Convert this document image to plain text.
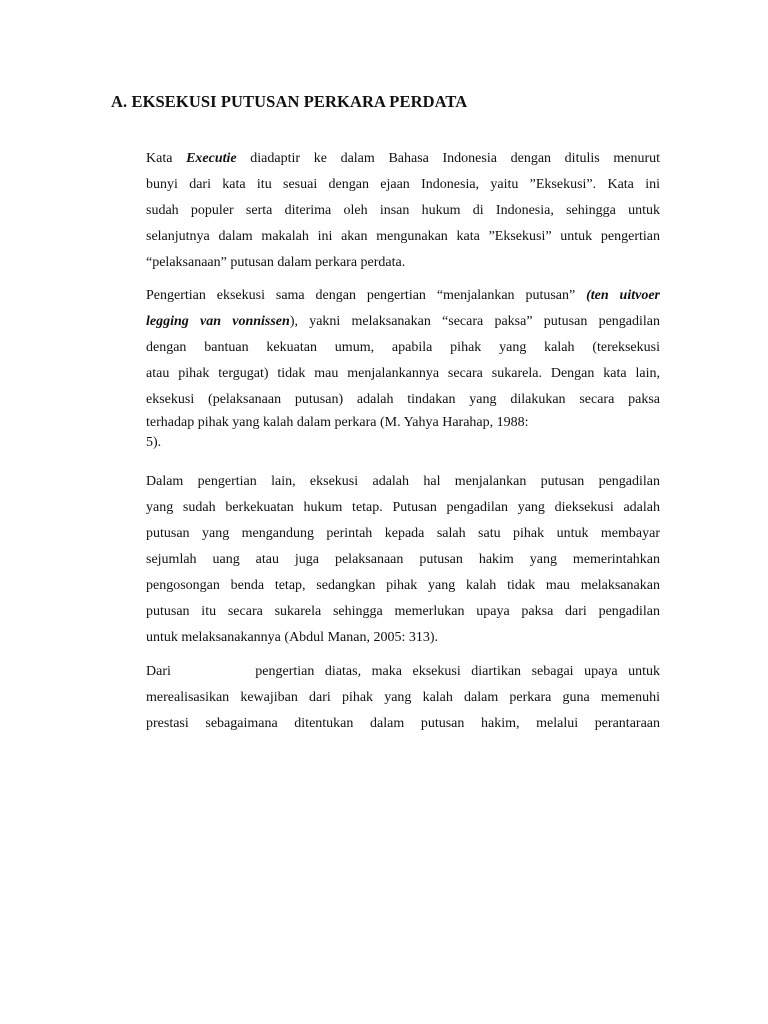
A. EKSEKUSI PUTUSAN PERKARA PERDATA
Kata Executie diadaptir ke dalam Bahasa Indonesia dengan ditulis menurut
bunyi dari kata itu sesuai dengan ejaan Indonesia, yaitu ”Eksekusi”. Kata ini
sudah populer serta diterima oleh insan hukum di Indonesia, sehingga untuk
selanjutnya dalam makalah ini akan mengunakan kata ”Eksekusi” untuk pengertian
“pelaksanaan” putusan dalam perkara perdata.
Pengertian eksekusi sama dengan pengertian “menjalankan putusan” (ten uitvoer
legging van vonnissen), yakni melaksanakan “secara paksa” putusan pengadilan
dengan bantuan kekuatan umum, apabila pihak yang kalah (tereksekusi
atau pihak tergugat) tidak mau menjalankannya secara sukarela. Dengan kata lain,
eksekusi (pelaksanaan putusan) adalah tindakan yang dilakukan secara paksa
terhadap pihak yang kalah dalam perkara (M. Yahya Harahap, 1988:
5).
Dalam pengertian lain, eksekusi adalah hal menjalankan putusan pengadilan
yang sudah berkekuatan hukum tetap. Putusan pengadilan yang dieksekusi adalah
putusan yang mengandung perintah kepada salah satu pihak untuk membayar
sejumlah uang atau juga pelaksanaan putusan hakim yang memerintahkan
pengosongan benda tetap, sedangkan pihak yang kalah tidak mau melaksanakan
putusan itu secara sukarela sehingga memerlukan upaya paksa dari pengadilan
untuk melaksanakannya (Abdul Manan, 2005: 313).
Dari        pengertian diatas, maka eksekusi diartikan sebagai upaya untuk
merealisasikan kewajiban dari pihak yang kalah dalam perkara guna memenuhi
prestasi sebagaimana ditentukan dalam putusan hakim, melalui perantaraan
